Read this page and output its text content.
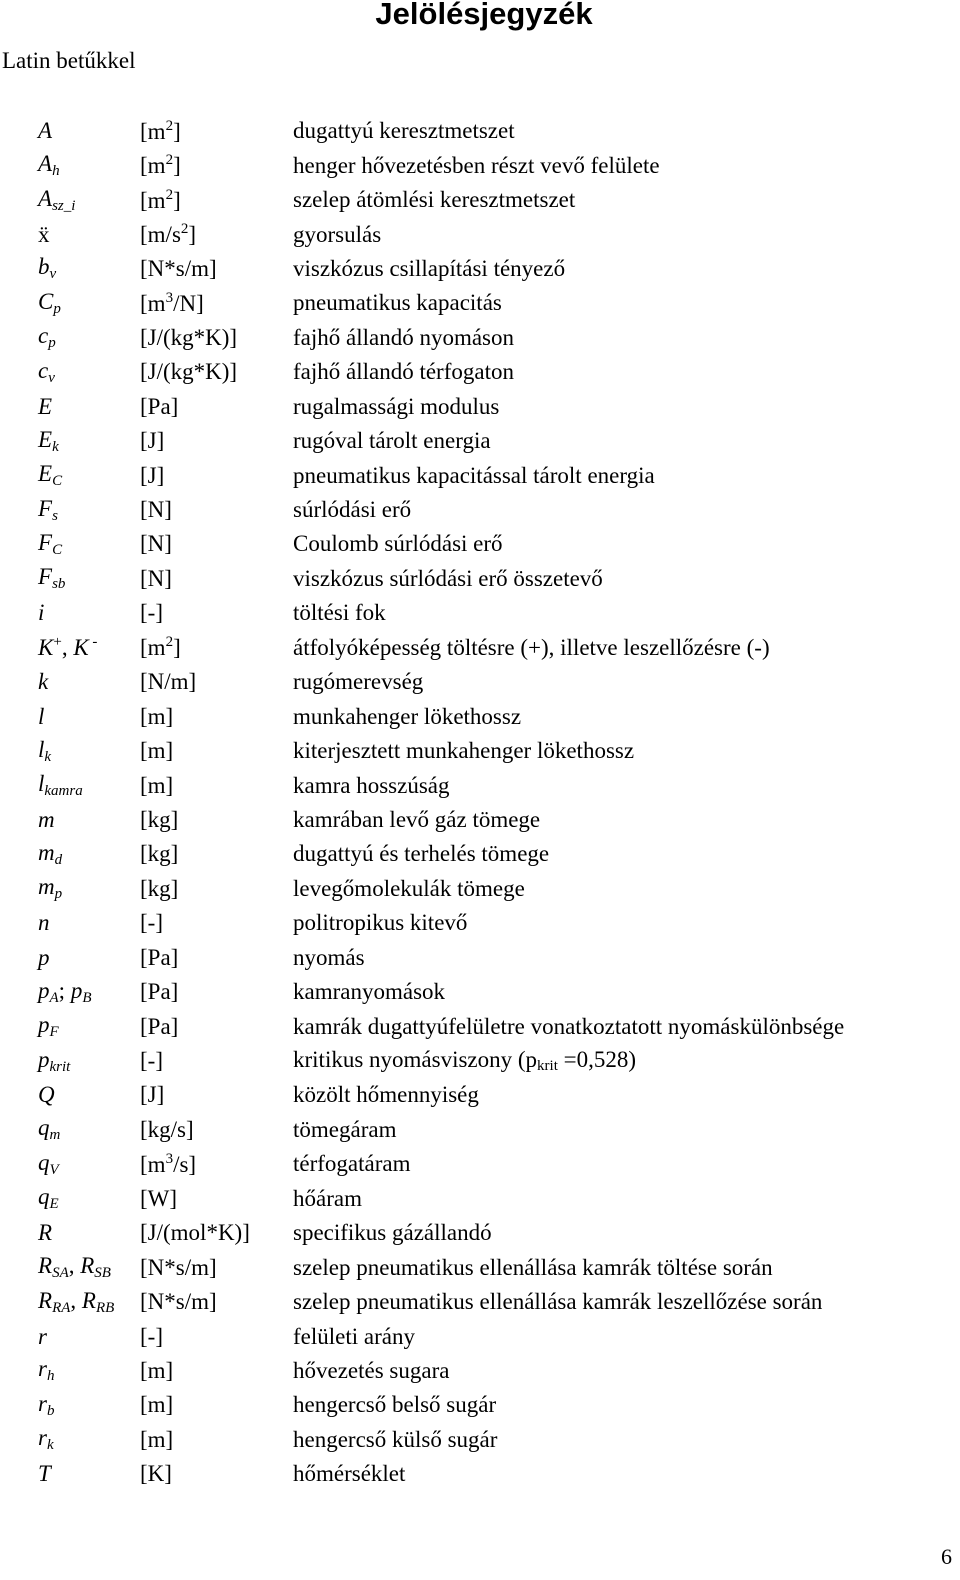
Jelölésjegyzék
Latin betűkkel
A	$[m^2]$	dugattyú keresztmetszet
$A_h$	$[m^2]$	henger hővezetésben részt vevő felülete
$A_{sz\_i}$	$[m^2]$	szelep átömlési keresztmetszet
ẍ	$[m/s^2]$	gyorsulás
$b_v$	[N*s/m]	viszkózus csillapítási tényező
$C_p$	$[m^3/N]$	pneumatikus kapacitás
$c_p$	[J/(kg*K)]	fajhő állandó nyomáson
$c_v$	[J/(kg*K)]	fajhő állandó térfogaton
E	[Pa]	rugalmassági modulus
$E_k$	[J]	rugóval tárolt energia
$E_C$	[J]	pneumatikus kapacitással tárolt energia
$F_s$	[N]	súrlódási erő
$F_C$	[N]	Coulomb súrlódási erő
$F_{sb}$	[N]	viszkózus súrlódási erő összetevő
i	[-]	töltési fok
K+, K -	$[m^2]$	átfolyóképesség töltésre (+), illetve leszellőzésre (-)
k	[N/m]	rugómerevség
l	[m]	munkahenger lökethossz
$l_k$	[m]	kiterjesztett munkahenger lökethossz
$l_{kamra}$	[m]	kamra hosszúság
m	[kg]	kamrában levő gáz tömege
$m_d$	[kg]	dugattyú és terhelés tömege
$m_p$	[kg]	levegőmolekulák tömege
n	[-]	politropikus kitevő
p	[Pa]	nyomás
$p_A$; $p_B$	[Pa]	kamranyomások
$p_F$	[Pa]	kamrák dugattyúfelületre vonatkoztatott nyomáskülönbsége
$p_{krit}$	[-]	kritikus nyomásviszony $(p_{krit} =0,528)$
Q	[J]	közölt hőmennyiség
$q_m$	[kg/s]	tömegáram
$q_V$	$[m^3/s]$	térfogatáram
$q_E$	[W]	hőáram
R	[J/(mol*K)]	specifikus gázállandó
$R_{SA}$, $R_{SB}$	[N*s/m]	szelep pneumatikus ellenállása kamrák töltése során
$R_{RA}$, $R_{RB}$	[N*s/m]	szelep pneumatikus ellenállása kamrák leszellőzése során
r	[-]	felületi arány
$r_h$	[m]	hővezetés sugara
$r_b$	[m]	hengercső belső sugár
$r_k$	[m]	hengercső külső sugár
T	[K]	hőmérséklet
6
